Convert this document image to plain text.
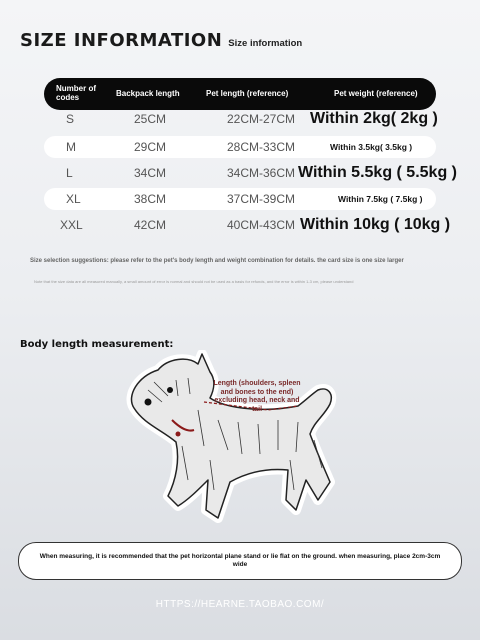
SIZE INFORMATION Size information
Number of codes	Backpack length	Pet length (reference)	Pet weight (reference)
S	25CM	22CM-27CM Within 2kg( 2kg )
M	29CM	28CM-33CM	Within 3.5kg( 3.5kg )
L	34CM	34CM-36CM Within 5.5kg ( 5.5kg )
XL	38CM	37CM-39CM	Within 7.5kg ( 7.5kg )
XXL	42CM	40CM-43CM Within 10kg ( 10kg )
Size selection suggestions: please refer to the pet's body length and weight combination for details. the card size is one size larger
Note that the size data are all measured manually, a small amount of error is normal and should not be used as a basis for refunds, and the error is within 1-3 cm, please understand
Body length measurement:
Length (shoulders, spleen and bones to the end) excluding head, neck and tail
When measuring, it is recommended that the pet horizontal plane stand or lie flat on the ground. when measuring, place 2cm-3cm wide
HTTPS://HEARNE.TAOBAO.COM/
